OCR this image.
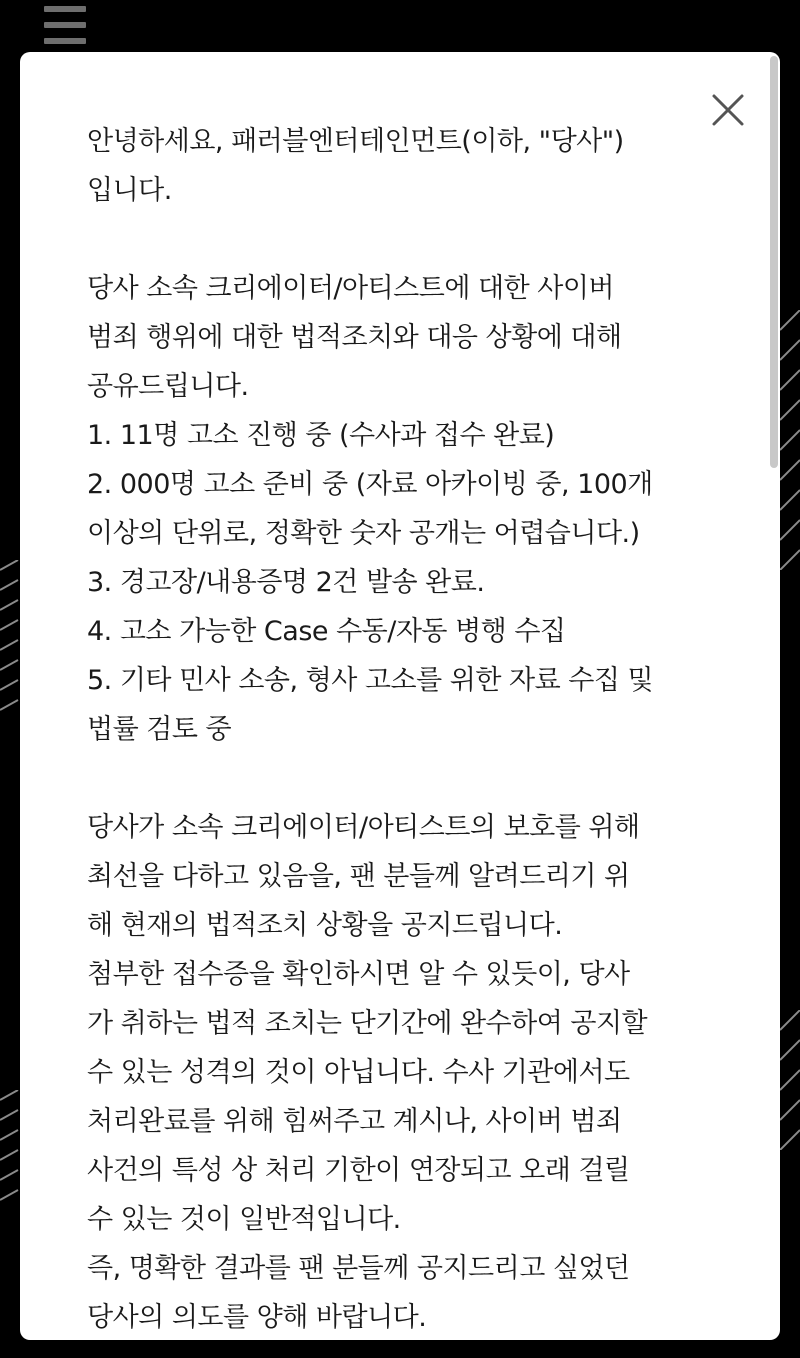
안녕하세요, 패러블엔터테인먼트(이하, "당사")

입니다.

당사 소속 크리에이터/아티스트에 대한 사이버

범죄 행위에 대한 법적조치와 대응 상황에 대해

공유드립니다.

1. 11명 고소 진행 중 (수사과 접수 완료)

2. 000명 고소 준비 중 (자료 아카이빙 중, 100개

이상의 단위로, 정확한 숫자 공개는 어렵습니다.)

3. 경고장/내용증명 2건 발송 완료.

4. 고소 가능한 Case 수동/자동 병행 수집

5. 기타 민사 소송, 형사 고소를 위한 자료 수집 및

법률 검토 중

당사가 소속 크리에이터/아티스트의 보호를 위해

최선을 다하고 있음을, 팬 분들께 알려드리기 위

해 현재의 법적조치 상황을 공지드립니다.

첨부한 접수증을 확인하시면 알 수 있듯이, 당사

가 취하는 법적 조치는 단기간에 완수하여 공지할

수 있는 성격의 것이 아닙니다. 수사 기관에서도

처리완료를 위해 힘써주고 계시나, 사이버 범죄

사건의 특성 상 처리 기한이 연장되고 오래 걸릴

수 있는 것이 일반적입니다.

즉, 명확한 결과를 팬 분들께 공지드리고 싶었던

당사의 의도를 양해 바랍니다.
